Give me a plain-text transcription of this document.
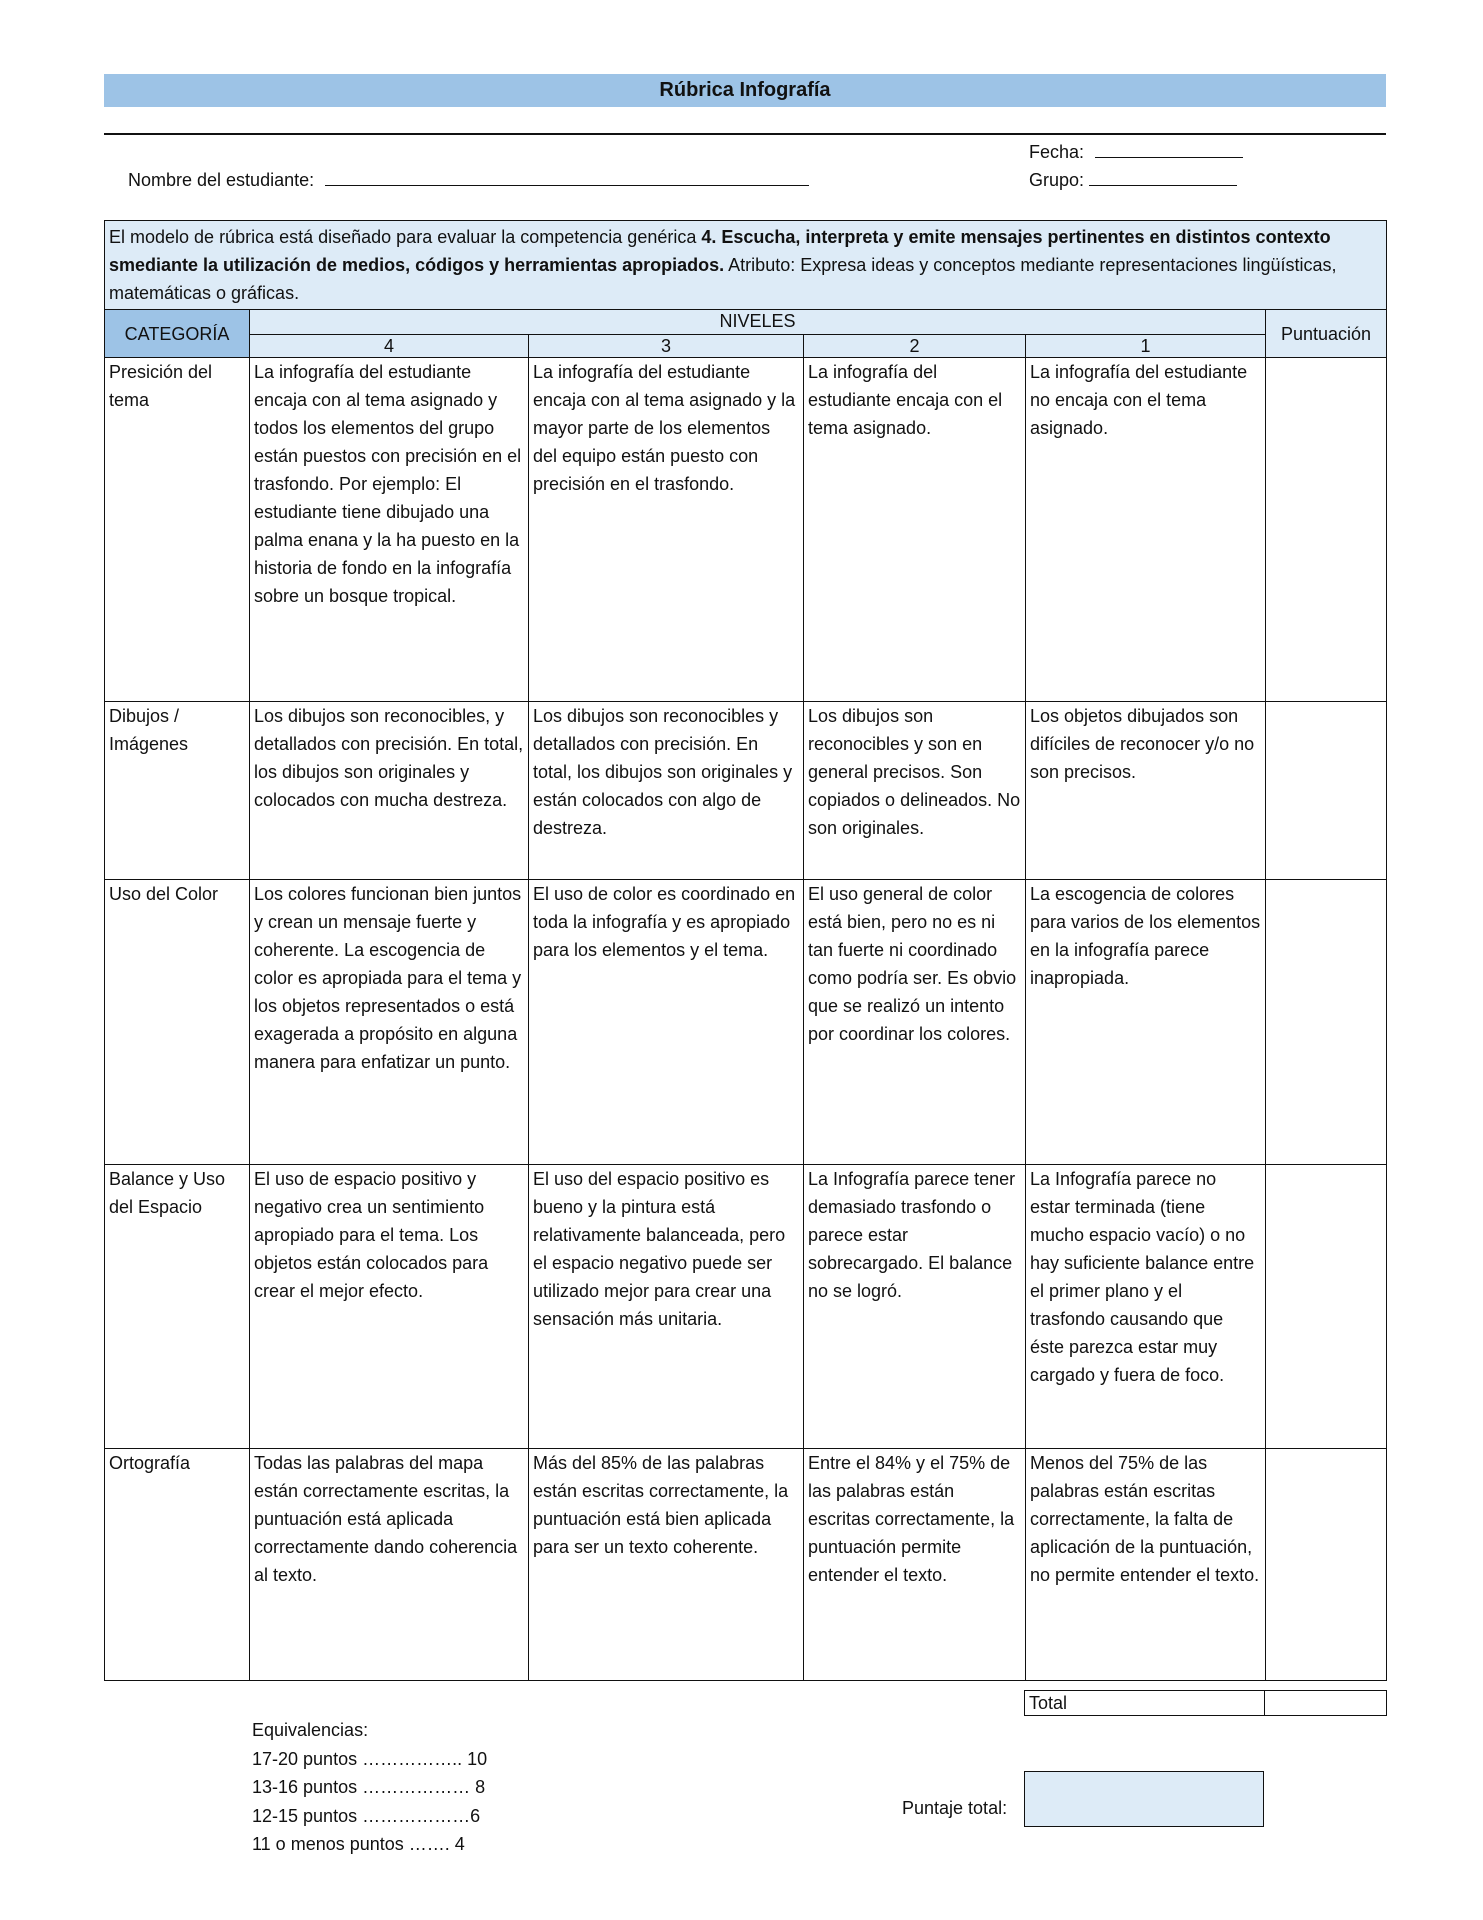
Rúbrica Infografía
Fecha:
Nombre del estudiante:	Grupo:
El modelo de rúbrica está diseñado para evaluar la competencia genérica 4. Escucha, interpreta y emite mensajes pertinentes en distintos contexto smediante la utilización de medios, códigos y herramientas apropiados. Atributo: Expresa ideas y conceptos mediante representaciones lingüísticas, matemáticas o gráficas.					
CATEGORÍA	NIVELES				Puntuación
	4	3	2	1	
Presición del tema	La infografía del estudiante encaja con al tema asignado y todos los elementos del grupo están puestos con precisión en el trasfondo. Por ejemplo: El estudiante tiene dibujado una palma enana y la ha puesto en la historia de fondo en la infografía sobre un bosque tropical.	La infografía del estudiante encaja con al tema asignado y la mayor parte de los elementos del equipo están puesto con precisión en el trasfondo.	La infografía del estudiante encaja con el tema asignado.	La infografía del estudiante no encaja con el tema asignado.	
Dibujos / Imágenes	Los dibujos son reconocibles, y detallados con precisión. En total, los dibujos son originales y colocados con mucha destreza.	Los dibujos son reconocibles y detallados con precisión. En total, los dibujos son originales y están colocados con algo de destreza.	Los dibujos son reconocibles y son en general precisos. Son copiados o delineados. No son originales.	Los objetos dibujados son difíciles de reconocer y/o no son precisos.	
Uso del Color	Los colores funcionan bien juntos y crean un mensaje fuerte y coherente. La escogencia de color es apropiada para el tema y los objetos representados o está exagerada a propósito en alguna manera para enfatizar un punto.	El uso de color es coordinado en toda la infografía y es apropiado para los elementos y el tema.	El uso general de color está bien, pero no es ni tan fuerte ni coordinado como podría ser. Es obvio que se realizó un intento por coordinar los colores.	La escogencia de colores para varios de los elementos en la infografía parece inapropiada.	
Balance y Uso del Espacio	El uso de espacio positivo y negativo crea un sentimiento apropiado para el tema. Los objetos están colocados para crear el mejor efecto.	El uso del espacio positivo es bueno y la pintura está relativamente balanceada, pero el espacio negativo puede ser utilizado mejor para crear una sensación más unitaria.	La Infografía parece tener demasiado trasfondo o parece estar sobrecargado. El balance no se logró.	La Infografía parece no estar terminada (tiene mucho espacio vacío) o no hay suficiente balance entre el primer plano y el trasfondo causando que éste parezca estar muy cargado y fuera de foco.	
Ortografía	Todas las palabras del mapa están correctamente escritas, la puntuación está aplicada correctamente dando coherencia al texto.	Más del 85% de las palabras están escritas correctamente, la puntuación está bien aplicada para ser un texto coherente.	Entre el 84% y el 75% de las palabras están escritas correctamente, la puntuación permite entender el texto.	Menos del 75% de las palabras están escritas correctamente, la falta de aplicación de la puntuación, no permite entender el texto.	
Total	
Equivalencias:
17-20 puntos …………….. 10
13-16 puntos ……………… 8
12-15 puntos ………………6
11 o menos puntos ……. 4
Puntaje total:
